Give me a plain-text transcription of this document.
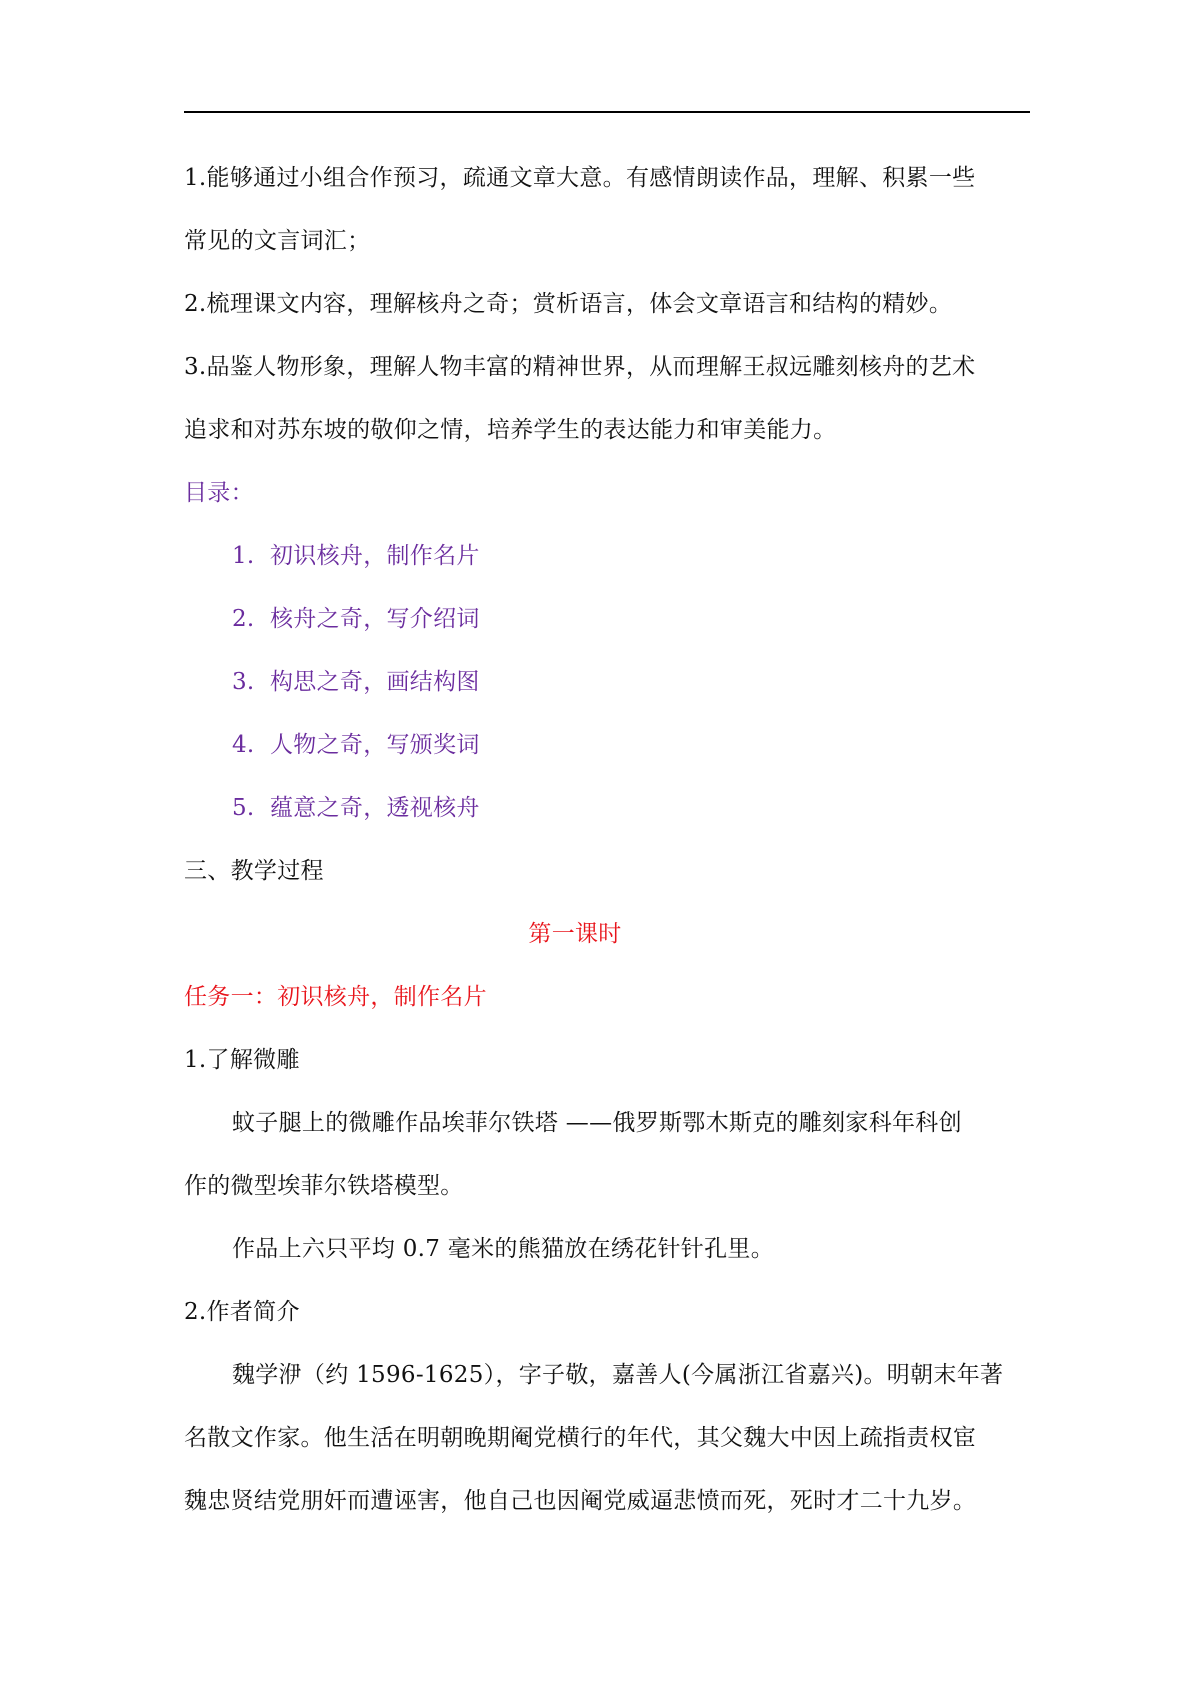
1.能够通过小组合作预习，疏通文章大意。有感情朗读作品，理解、积累一些
常见的文言词汇；
2.梳理课文内容，理解核舟之奇；赏析语言，体会文章语言和结构的精妙。
3.品鉴人物形象，理解人物丰富的精神世界，从而理解王叔远雕刻核舟的艺术
追求和对苏东坡的敬仰之情，培养学生的表达能力和审美能力。
目录：
1. 初识核舟，制作名片
2. 核舟之奇，写介绍词
3. 构思之奇，画结构图
4. 人物之奇，写颁奖词
5. 蕴意之奇，透视核舟
三、教学过程
第一课时
任务一：初识核舟，制作名片
1.了解微雕
蚊子腿上的微雕作品埃菲尔铁塔 ——俄罗斯鄂木斯克的雕刻家科年科创
作的微型埃菲尔铁塔模型。
作品上六只平均 0.7 毫米的熊猫放在绣花针针孔里。
2.作者简介
魏学洢（约 1596-1625），字子敬，嘉善人(今属浙江省嘉兴)。明朝末年著
名散文作家。他生活在明朝晚期阉党横行的年代，其父魏大中因上疏指责权宦
魏忠贤结党朋奸而遭诬害，他自己也因阉党威逼悲愤而死，死时才二十九岁。
